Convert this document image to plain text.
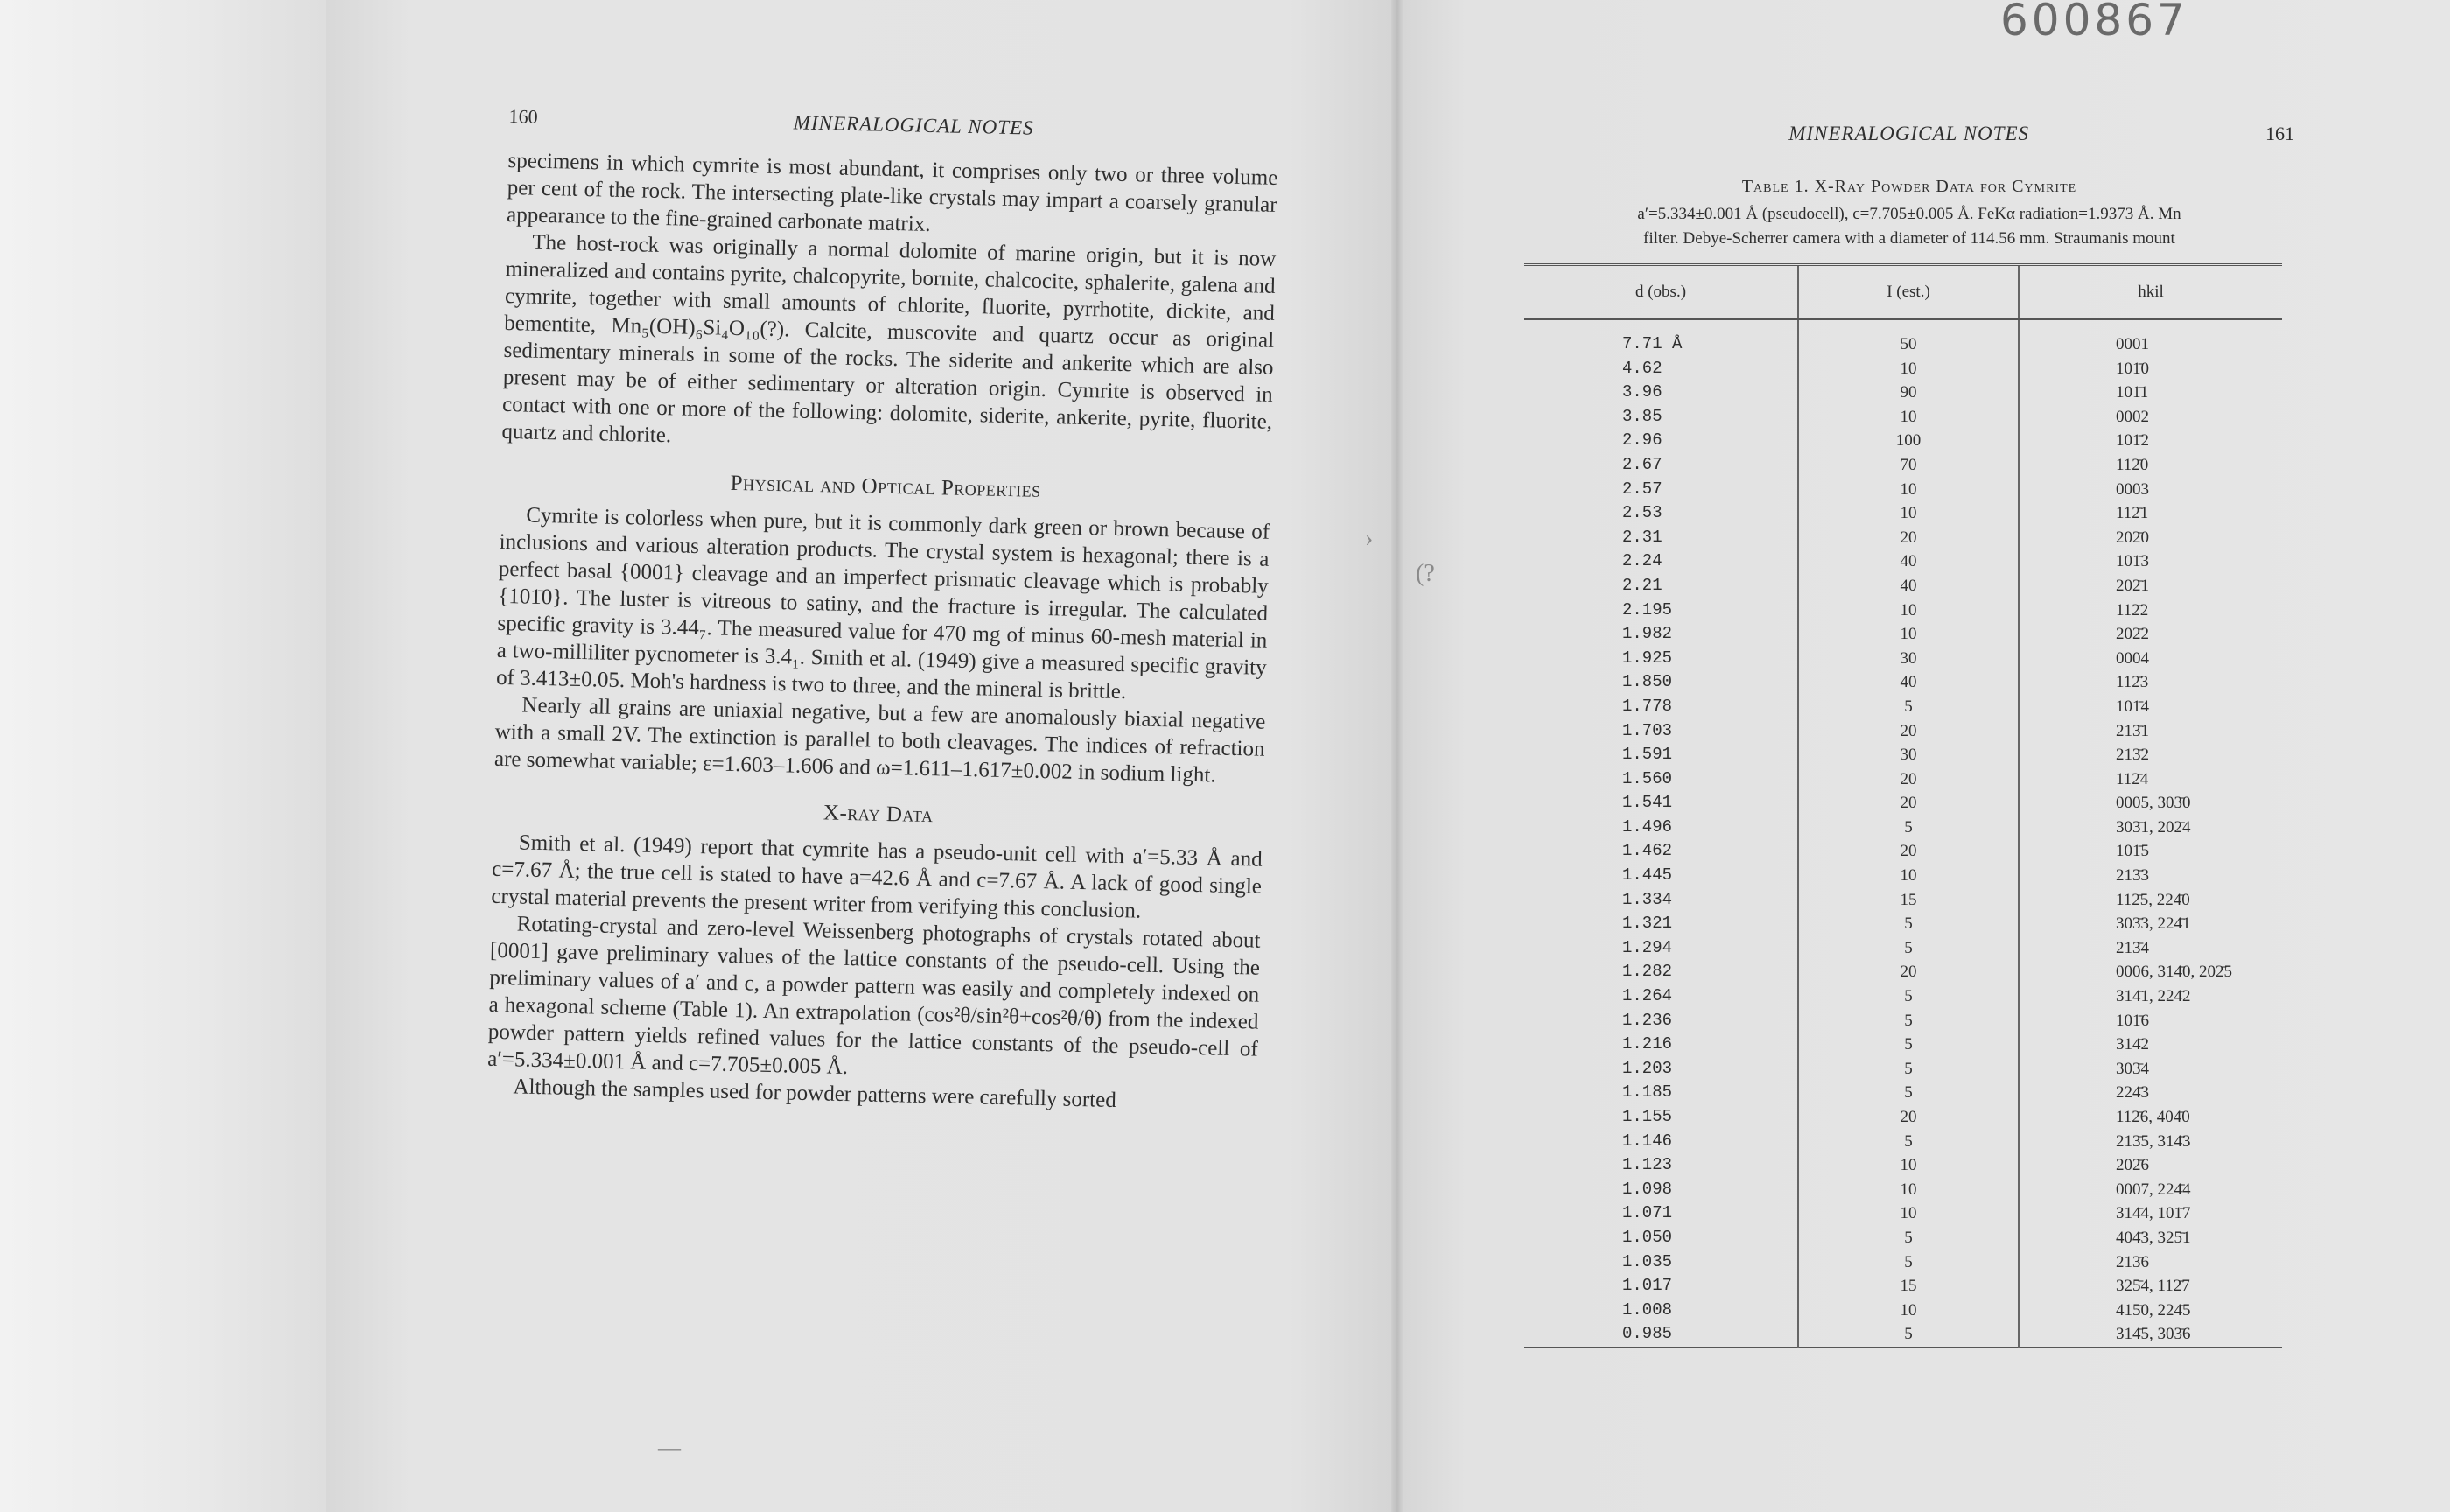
600867
160	MINERALOGICAL NOTES

specimens in which cymrite is most abundant, it comprises only two or three volume per cent of the rock. The intersecting plate-like crystals may impart a coarsely granular appearance to the fine-grained carbonate matrix.

The host-rock was originally a normal dolomite of marine origin, but it is now mineralized and contains pyrite, chalcopyrite, bornite, chalcocite, sphalerite, galena and cymrite, together with small amounts of chlorite, fluorite, pyrrhotite, dickite, and bementite, Mn₅(OH)₆Si₄O₁₀(?). Calcite, muscovite and quartz occur as original sedimentary minerals in some of the rocks. The siderite and ankerite which are also present may be of either sedimentary or alteration origin. Cymrite is observed in contact with one or more of the following: dolomite, siderite, ankerite, pyrite, fluorite, quartz and chlorite.

Physical and Optical Properties

Cymrite is colorless when pure, but it is commonly dark green or brown because of inclusions and various alteration products. The crystal system is hexagonal; there is a perfect basal {0001} cleavage and an imperfect prismatic cleavage which is probably {101̄0}. The luster is vitreous to satiny, and the fracture is irregular. The calculated specific gravity is 3.44₇. The measured value for 470 mg of minus 60-mesh material in a two-milliliter pycnometer is 3.4₁. Smith et al. (1949) give a measured specific gravity of 3.413±0.05. Moh's hardness is two to three, and the mineral is brittle.

Nearly all grains are uniaxial negative, but a few are anomalously biaxial negative with a small 2V. The extinction is parallel to both cleavages. The indices of refraction are somewhat variable; ε=1.603–1.606 and ω=1.611–1.617±0.002 in sodium light.

X-ray Data

Smith et al. (1949) report that cymrite has a pseudo-unit cell with a′=5.33 Å and c=7.67 Å; the true cell is stated to have a=42.6 Å and c=7.67 Å. A lack of good single crystal material prevents the present writer from verifying this conclusion.

Rotating-crystal and zero-level Weissenberg photographs of crystals rotated about [0001] gave preliminary values of the lattice constants of the pseudo-cell. Using the preliminary values of a′ and c, a powder pattern was easily and completely indexed on a hexagonal scheme (Table 1). An extrapolation (cos²θ/sin²θ+cos²θ/θ) from the indexed powder pattern yields refined values for the lattice constants of the pseudo-cell of a′=5.334±0.001 Å and c=7.705±0.005 Å.

Although the samples used for powder patterns were carefully sorted

MINERALOGICAL NOTES	161
Table 1. X-Ray Powder Data for Cymrite
a′=5.334±0.001 Å (pseudocell), c=7.705±0.005 Å. FeKα radiation=1.9373 Å. Mn
filter. Debye-Scherrer camera with a diameter of 114.56 mm. Straumanis mount
d (obs.)	I (est.)	hkil

7.71 Å	50	0001
4.62	10	101̄0
3.96	90	101̄1
3.85	10	0002
2.96	100	101̄2
2.67	70	112̄0
2.57	10	0003
2.53	10	112̄1
2.31	20	202̄0
2.24	40	101̄3
2.21	40	202̄1
2.195	10	112̄2
1.982	10	202̄2
1.925	30	0004
1.850	40	112̄3
1.778	5	101̄4
1.703	20	213̄1
1.591	30	213̄2
1.560	20	112̄4
1.541	20	0005, 303̄0
1.496	5	303̄1, 202̄4
1.462	20	101̄5
1.445	10	213̄3
1.334	15	112̄5, 224̄0
1.321	5	303̄3, 224̄1
1.294	5	213̄4
1.282	20	0006, 314̄0, 202̄5
1.264	5	314̄1, 224̄2
1.236	5	101̄6
1.216	5	314̄2
1.203	5	303̄4
1.185	5	224̄3
1.155	20	112̄6, 404̄0
1.146	5	213̄5, 314̄3
1.123	10	202̄6
1.098	10	0007, 224̄4
1.071	10	314̄4, 101̄7
1.050	5	404̄3, 325̄1
1.035	5	213̄6
1.017	15	325̄4, 112̄7
1.008	10	415̄0, 224̄5
0.985	5	314̄5, 303̄6
›
(?
—
